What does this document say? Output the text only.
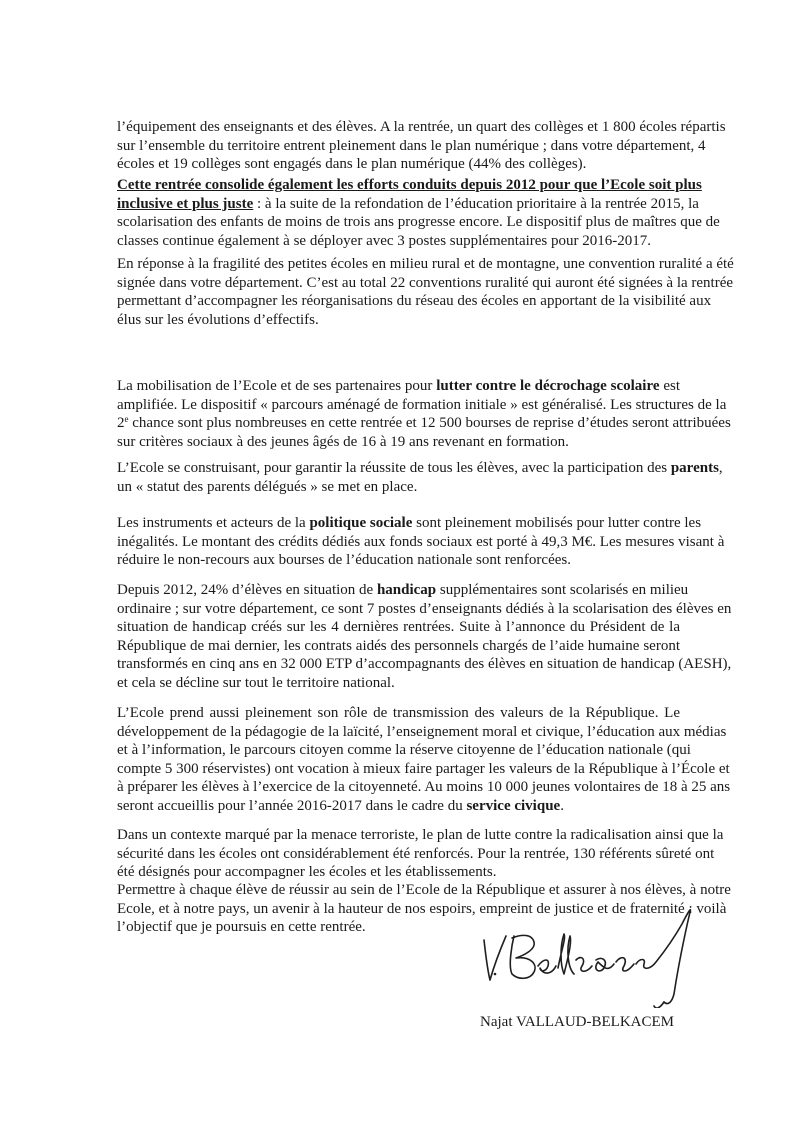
l’équipement des enseignants et des élèves. A la rentrée, un quart des collèges et 1 800 écoles répartis
sur l’ensemble du territoire entrent pleinement dans le plan numérique ; dans votre département, 4
écoles et 19 collèges sont engagés dans le plan numérique (44% des collèges).

Cette rentrée consolide également les efforts conduits depuis 2012 pour que l’Ecole soit plus
inclusive et plus juste : à la suite de la refondation de l’éducation prioritaire à la rentrée 2015, la
scolarisation des enfants de moins de trois ans progresse encore. Le dispositif plus de maîtres que de
classes continue également à se déployer avec 3 postes supplémentaires pour 2016-2017.

En réponse à la fragilité des petites écoles en milieu rural et de montagne, une convention ruralité a été
signée dans votre département. C’est au total 22 conventions ruralité qui auront été signées à la rentrée
permettant d’accompagner les réorganisations du réseau des écoles en apportant de la visibilité aux
élus sur les évolutions d’effectifs.

La mobilisation de l’Ecole et de ses partenaires pour lutter contre le décrochage scolaire est
amplifiée. Le dispositif « parcours aménagé de formation initiale » est généralisé. Les structures de la
2e chance sont plus nombreuses en cette rentrée et 12 500 bourses de reprise d’études seront attribuées
sur critères sociaux à des jeunes âgés de 16 à 19 ans revenant en formation.

L’Ecole se construisant, pour garantir la réussite de tous les élèves, avec la participation des parents,
un « statut des parents délégués » se met en place.

Les instruments et acteurs de la politique sociale sont pleinement mobilisés pour lutter contre les
inégalités. Le montant des crédits dédiés aux fonds sociaux est porté à 49,3 M€. Les mesures visant à
réduire le non-recours aux bourses de l’éducation nationale sont renforcées.

Depuis 2012, 24% d’élèves en situation de handicap supplémentaires sont scolarisés en milieu
ordinaire ; sur votre département, ce sont 7 postes d’enseignants dédiés à la scolarisation des élèves en
situation de handicap créés sur les 4 dernières rentrées. Suite à l’annonce du Président de la
République de mai dernier, les contrats aidés des personnels chargés de l’aide humaine seront
transformés en cinq ans en 32 000 ETP d’accompagnants des élèves en situation de handicap (AESH),
et cela se décline sur tout le territoire national.

L’Ecole prend aussi pleinement son rôle de transmission des valeurs de la République. Le
développement de la pédagogie de la laïcité, l’enseignement moral et civique, l’éducation aux médias
et à l’information, le parcours citoyen comme la réserve citoyenne de l’éducation nationale (qui
compte 5 300 réservistes) ont vocation à mieux faire partager les valeurs de la République à l’École et
à préparer les élèves à l’exercice de la citoyenneté. Au moins 10 000 jeunes volontaires de 18 à 25 ans
seront accueillis pour l’année 2016-2017 dans le cadre du service civique.

Dans un contexte marqué par la menace terroriste, le plan de lutte contre la radicalisation ainsi que la
sécurité dans les écoles ont considérablement été renforcés. Pour la rentrée, 130 référents sûreté ont
été désignés pour accompagner les écoles et les établissements.

Permettre à chaque élève de réussir au sein de l’Ecole de la République et assurer à nos élèves, à notre
Ecole, et à notre pays, un avenir à la hauteur de nos espoirs, empreint de justice et de fraternité : voilà
l’objectif que je poursuis en cette rentrée.

Najat VALLAUD-BELKACEM
